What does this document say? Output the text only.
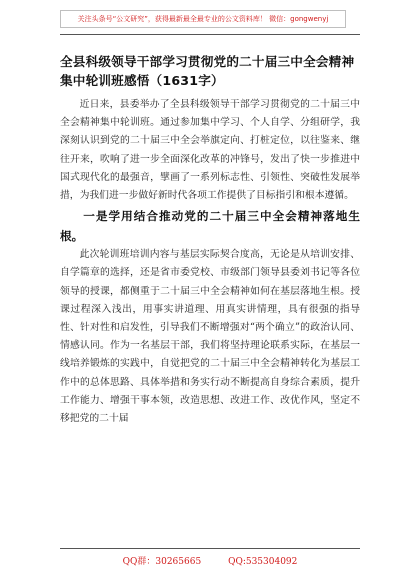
关注头条号“公文研究”，获得最新最全最专业的公文资料库！ 微信：gongwenyj
全县科级领导干部学习贯彻党的二十届三中全会精神集中轮训班感悟（1631字）

近日来，县委举办了全县科级领导干部学习贯彻党的二十届三中全会精神集中轮训班。通过参加集中学习、个人自学、分组研学，我深刻认识到党的二十届三中全会举旗定向、打桩定位，以往鉴来、继往开来，吹响了进一步全面深化改革的冲锋号，发出了快一步推进中国式现代化的最强音，擘画了一系列标志性、引领性、突破性发展举措，为我们进一步做好新时代各项工作提供了目标指引和根本遵循。

一是学用结合推动党的二十届三中全会精神落地生根。

此次轮训班培训内容与基层实际契合度高，无论是从培训安排、自学篇章的选择，还是省市委党校、市级部门领导县委刘书记等各位领导的授课，都侧重于二十届三中全会精神如何在基层落地生根。授课过程深入浅出，用事实讲道理、用真实讲情理，具有很强的指导性、针对性和启发性，引导我们不断增强对“两个确立”的政治认同、情感认同。作为一名基层干部，我们将坚持理论联系实际，在基层一线培养锻炼的实践中，自觉把党的二十届三中全会精神转化为基层工作中的总体思路、具体举措和务实行动不断提高自身综合素质，提升工作能力、增强干事本领，改造思想、改进工作、改优作风，坚定不移把党的二十届

QQ群：30265665	QQ:535304092
